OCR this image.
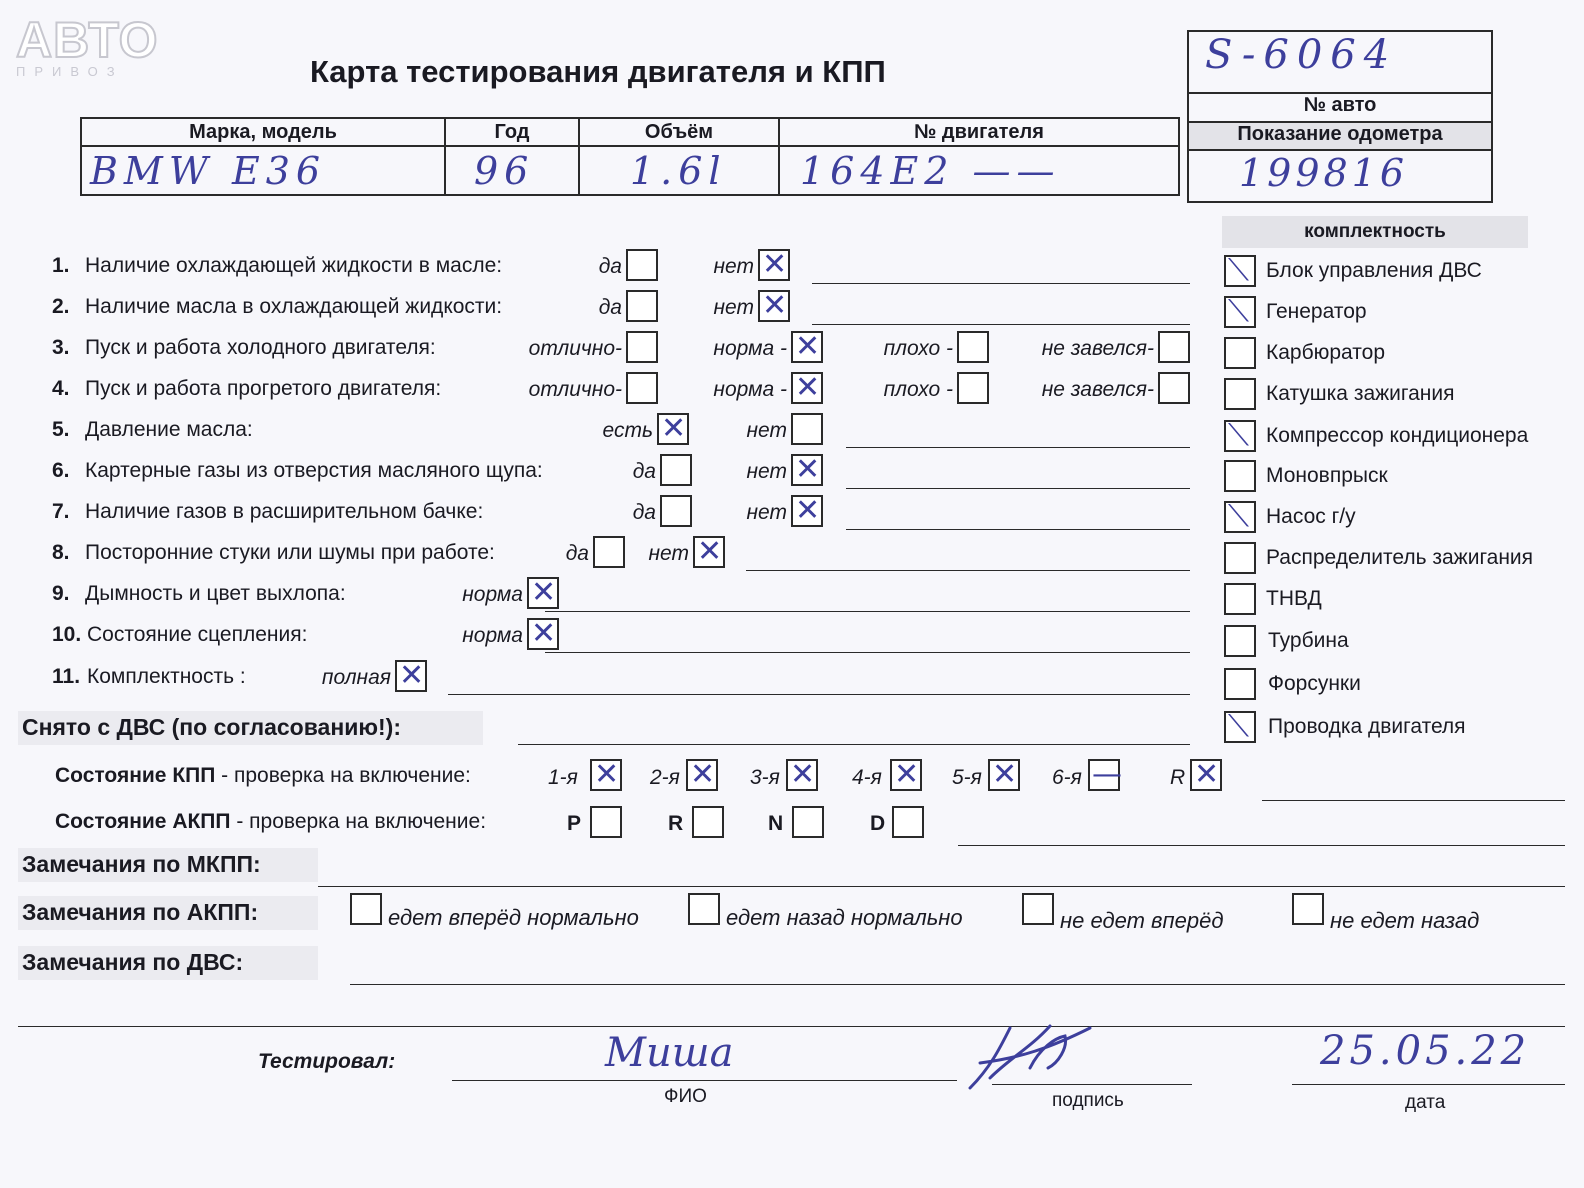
АВТО
ПРИВОЗ	Карта тестирования двигателя и КПП
Марка, модель	Год	Объём	№ двигателя
BMW E36	96	1.6l	164E2 ——
S-6064
№ авто
Показание одометра
199816
1. Наличие охлаждающей жидкости в масле:	да	нет ✕
2. Наличие масла в охлаждающей жидкости:	да	нет ✕
3. Пуск и работа холодного двигателя:	отлично-	норма - ✕	плохо -	не завелся-
4. Пуск и работа прогретого двигателя:	отлично-	норма - ✕	плохо -	не завелся-
5. Давление масла:	есть ✕	нет
6. Картерные газы из отверстия масляного щупа:	да	нет ✕
7. Наличие газов в расширительном бачке:	да	нет ✕
8. Посторонние стуки или шумы при работе:	да	нет ✕
9. Дымность и цвет выхлопа:	норма ✕
10. Состояние сцепления:	норма ✕
11. Комплектность :	полная ✕
комплектность
⟍ Блок управления ДВС
⟍ Генератор
Карбюратор
Катушка зажигания
⟍ Компрессор кондиционера
Моновпрыск
⟍ Насос г/у
Распределитель зажигания
ТНВД
Турбина
Форсунки
⟍ Проводка двигателя
Снято с ДВС (по согласованию!):
Состояние КПП - проверка на включение:	1-я ✕ 2-я ✕ 3-я ✕ 4-я ✕ 5-я ✕ 6-я — R ✕
Состояние АКПП - проверка на включение:	P	R	N	D
Замечания по МКПП:
Замечания по АКПП:	едет вперёд нормально	едет назад нормально	не едет вперёд	не едет назад
Замечания по ДВС:
Тестировал:	Миша
ФИО	подпись
25.05.22
дата
